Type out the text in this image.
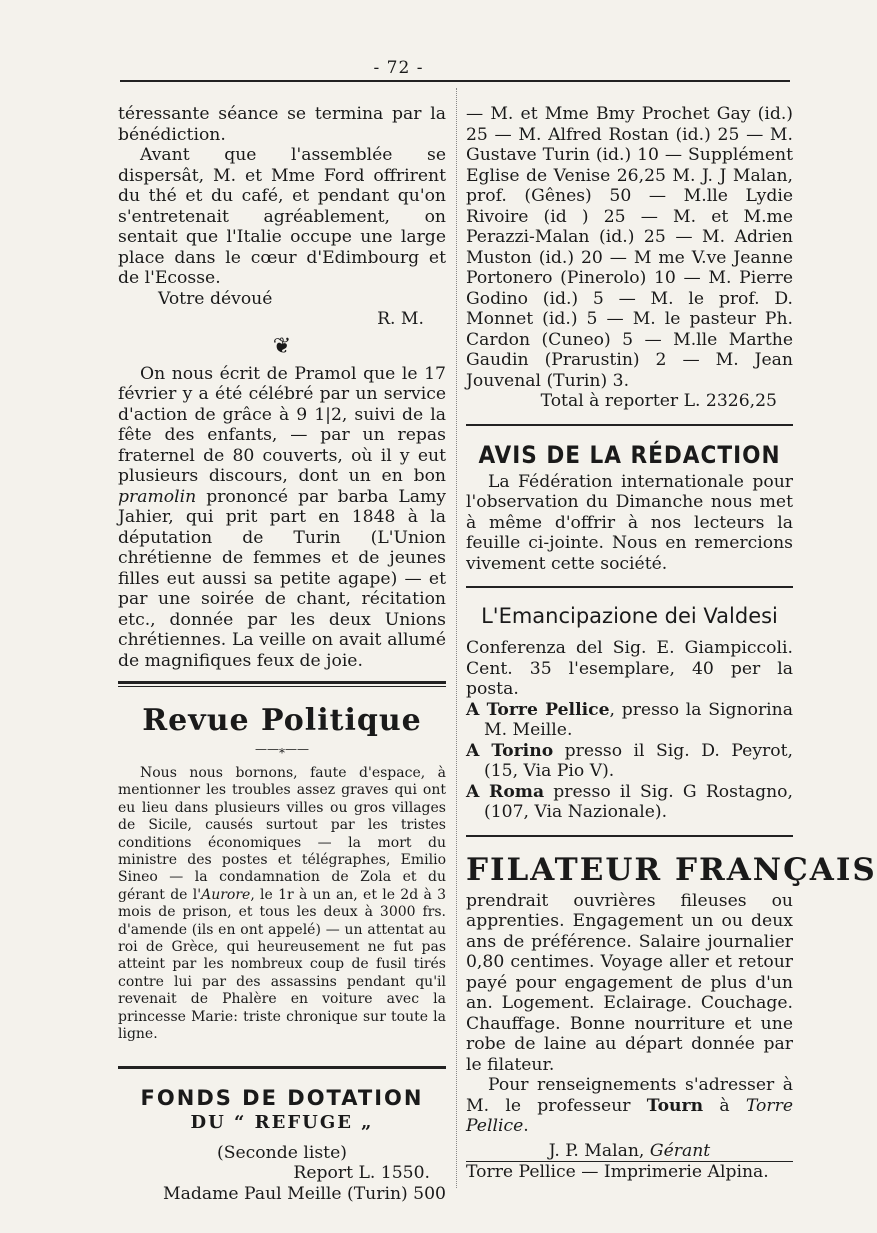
- 72 -

téressante séance se termina par la bénédiction.

Avant que l'assemblée se dispersât, M. et Mme Ford offrirent du thé et du café, et pendant qu'on s'entretenait agréablement, on sentait que l'Italie occupe une large place dans le cœur d'Edimbourg et de l'Ecosse.

Votre dévoué

R. M.

❦

On nous écrit de Pramol que le 17 février y a été célébré par un service d'action de grâce à 9 1|2, suivi de la fête des enfants, — par un repas fraternel de 80 couverts, où il y eut plusieurs discours, dont un en bon pramolin prononcé par barba Lamy Jahier, qui prit part en 1848 à la députation de Turin (L'Union chrétienne de femmes et de jeunes filles eut aussi sa petite agape) — et par une soirée de chant, récitation etc., donnée par les deux Unions chrétiennes. La veille on avait allumé de magnifiques feux de joie.

Revue Politique
——⁎——

Nous nous bornons, faute d'espace, à mentionner les troubles assez graves qui ont eu lieu dans plusieurs villes ou gros villages de Sicile, causés surtout par les tristes conditions économiques — la mort du ministre des postes et télégraphes, Emilio Sineo — la condamnation de Zola et du gérant de l'Aurore, le 1r à un an, et le 2d à 3 mois de prison, et tous les deux à 3000 frs. d'amende (ils en ont appelé) — un attentat au roi de Grèce, qui heureusement ne fut pas atteint par les nombreux coup de fusil tirés contre lui par des assassins pendant qu'il revenait de Phalère en voiture avec la princesse Marie: triste chronique sur toute la ligne.

FONDS DE DOTATION
DU “ REFUGE „

(Seconde liste)

Report L. 1550.

Madame Paul Meille (Turin) 500

— M. et Mme Bmy Prochet Gay (id.) 25 — M. Alfred Rostan (id.) 25 — M. Gustave Turin (id.) 10 — Supplément Eglise de Venise 26,25 M. J. J Malan, prof. (Gênes) 50 — M.lle Lydie Rivoire (id ) 25 — M. et M.me Perazzi-Malan (id.) 25 — M. Adrien Muston (id.) 20 — M me V.ve Jeanne Portonero (Pinerolo) 10 — M. Pierre Godino (id.) 5 — M. le prof. D. Monnet (id.) 5 — M. le pasteur Ph. Cardon (Cuneo) 5 — M.lle Marthe Gaudin (Prarustin) 2 — M. Jean Jouvenal (Turin) 3.

Total à reporter L. 2326,25

AVIS DE LA RÉDACTION

La Fédération internationale pour l'observation du Dimanche nous met à même d'offrir à nos lecteurs la feuille ci-jointe. Nous en remercions vivement cette société.

L'Emancipazione dei Valdesi

Conferenza del Sig. E. Giampiccoli. Cent. 35 l'esemplare, 40 per la posta.

A Torre Pellice, presso la Signorina M. Meille.

A Torino presso il Sig. D. Peyrot, (15, Via Pio V).

A Roma presso il Sig. G Rostagno, (107, Via Nazionale).

FILATEUR FRANÇAIS

prendrait ouvrières fileuses ou apprenties. Engagement un ou deux ans de préférence. Salaire journalier 0,80 centimes. Voyage aller et retour payé pour engagement de plus d'un an. Logement. Eclairage. Couchage. Chauffage. Bonne nourriture et une robe de laine au départ donnée par le filateur.

Pour renseignements s'adresser à M. le professeur Tourn à Torre Pellice.

J. P. Malan, Gérant

Torre Pellice — Imprimerie Alpina.
